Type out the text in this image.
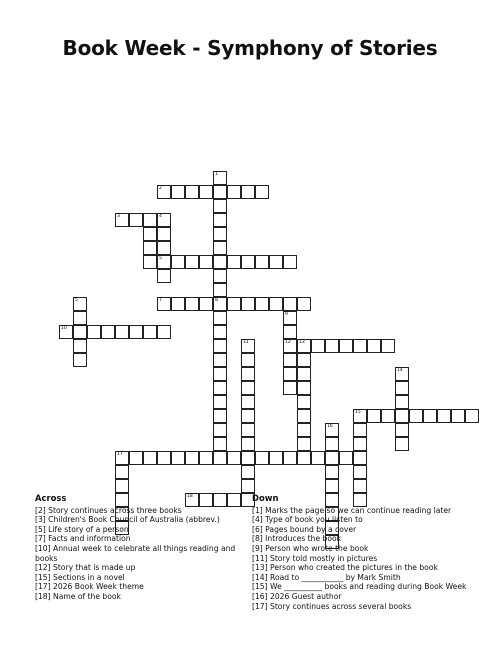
Book Week - Symphony of Stories
1
2
3	4
5
5	7	8
9
10
11	12 13
14
15
16
17
18
Across
[2] Story continues across three books
[3] Children's Book Council of Australia (abbrev.)
[5] Life story of a person
[7] Facts and information
[10] Annual week to celebrate all things reading and books
[12] Story that is made up
[15] Sections in a novel
[17] 2026 Book Week theme
[18] Name of the book
Down
[1] Marks the page so we can continue reading later
[4] Type of book you listen to
[6] Pages bound by a cover
[8] Introduces the book
[9] Person who wrote the book
[11] Story told mostly in pictures
[13] Person who created the pictures in the book
[14] Road to ___________ by Mark Smith
[15] We __________ books and reading during Book Week
[16] 2026 Guest author
[17] Story continues across several books
